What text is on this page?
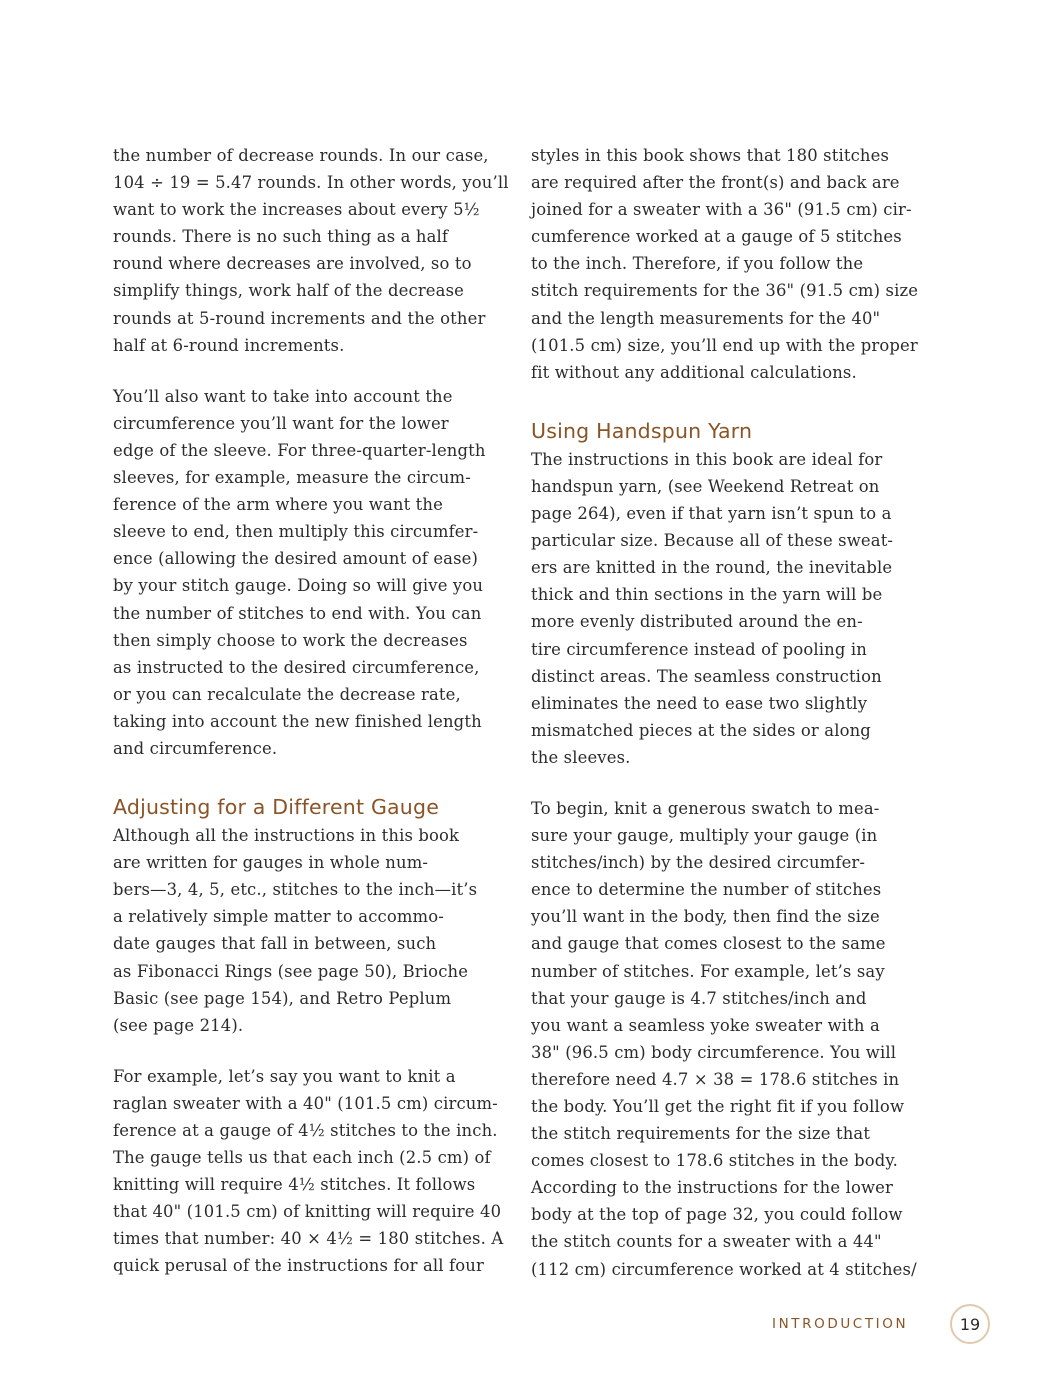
the number of decrease rounds. In our case,
104 ÷ 19 = 5.47 rounds. In other words, you’ll
want to work the increases about every 5½
rounds. There is no such thing as a half
round where decreases are involved, so to
simplify things, work half of the decrease
rounds at 5-round increments and the other
half at 6-round increments.

You’ll also want to take into account the
circumference you’ll want for the lower
edge of the sleeve. For three-quarter-length
sleeves, for example, measure the circum-
ference of the arm where you want the
sleeve to end, then multiply this circumfer-
ence (allowing the desired amount of ease)
by your stitch gauge. Doing so will give you
the number of stitches to end with. You can
then simply choose to work the decreases
as instructed to the desired circumference,
or you can recalculate the decrease rate,
taking into account the new finished length
and circumference.

Adjusting for a Different Gauge

Although all the instructions in this book
are written for gauges in whole num-
bers—3, 4, 5, etc., stitches to the inch—it’s
a relatively simple matter to accommo-
date gauges that fall in between, such
as Fibonacci Rings (see page 50), Brioche
Basic (see page 154), and Retro Peplum
(see page 214).

For example, let’s say you want to knit a
raglan sweater with a 40" (101.5 cm) circum-
ference at a gauge of 4½ stitches to the inch.
The gauge tells us that each inch (2.5 cm) of
knitting will require 4½ stitches. It follows
that 40" (101.5 cm) of knitting will require 40
times that number: 40 × 4½ = 180 stitches. A
quick perusal of the instructions for all four

styles in this book shows that 180 stitches
are required after the front(s) and back are
joined for a sweater with a 36" (91.5 cm) cir-
cumference worked at a gauge of 5 stitches
to the inch. Therefore, if you follow the
stitch requirements for the 36" (91.5 cm) size
and the length measurements for the 40"
(101.5 cm) size, you’ll end up with the proper
fit without any additional calculations.

Using Handspun Yarn

The instructions in this book are ideal for
handspun yarn, (see Weekend Retreat on
page 264), even if that yarn isn’t spun to a
particular size. Because all of these sweat-
ers are knitted in the round, the inevitable
thick and thin sections in the yarn will be
more evenly distributed around the en-
tire circumference instead of pooling in
distinct areas. The seamless construction
eliminates the need to ease two slightly
mismatched pieces at the sides or along
the sleeves.

To begin, knit a generous swatch to mea-
sure your gauge, multiply your gauge (in
stitches/inch) by the desired circumfer-
ence to determine the number of stitches
you’ll want in the body, then find the size
and gauge that comes closest to the same
number of stitches. For example, let’s say
that your gauge is 4.7 stitches/inch and
you want a seamless yoke sweater with a
38" (96.5 cm) body circumference. You will
therefore need 4.7 × 38 = 178.6 stitches in
the body. You’ll get the right fit if you follow
the stitch requirements for the size that
comes closest to 178.6 stitches in the body.
According to the instructions for the lower
body at the top of page 32, you could follow
the stitch counts for a sweater with a 44"
(112 cm) circumference worked at 4 stitches/

INTRODUCTION	19
